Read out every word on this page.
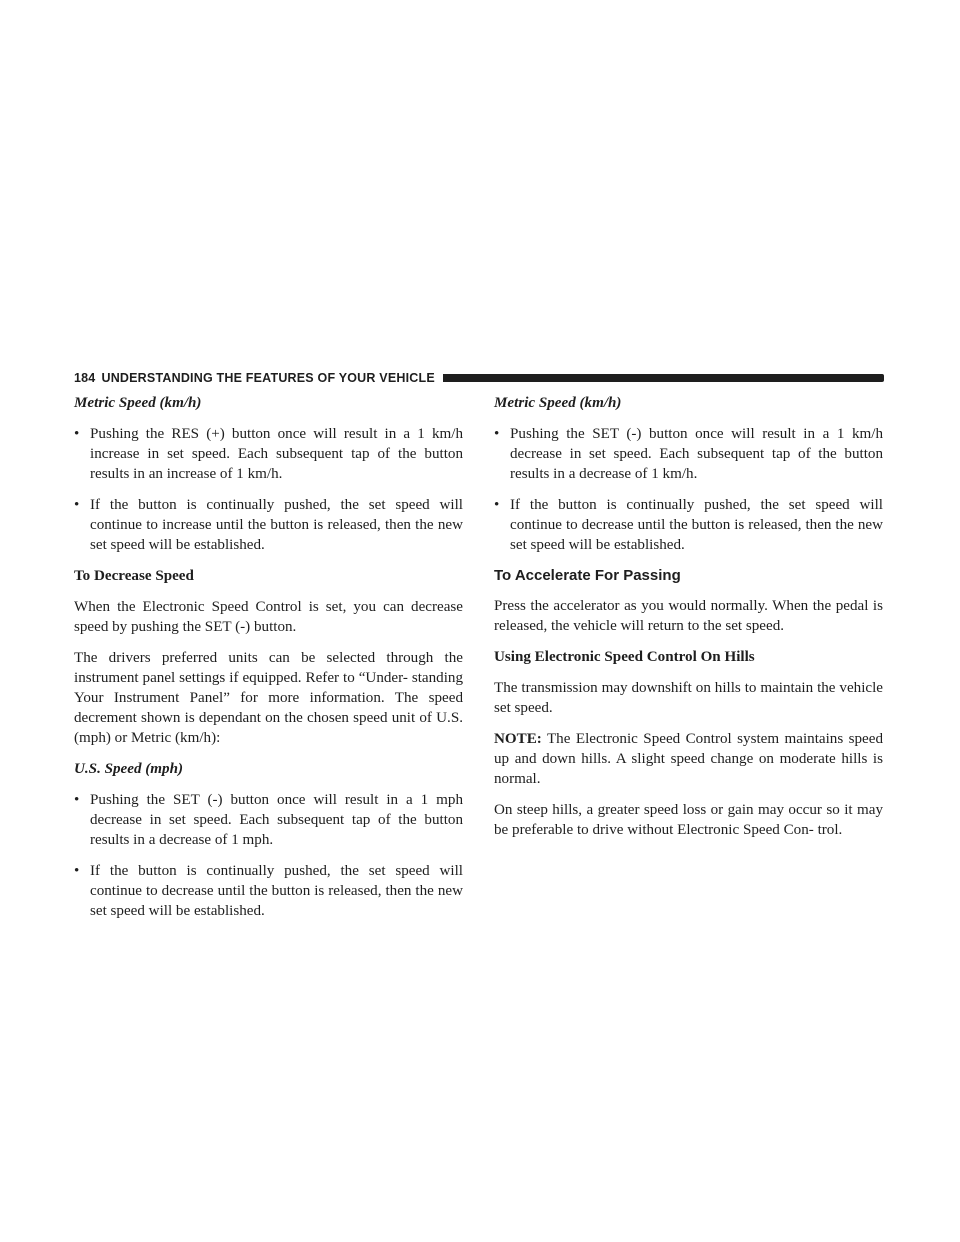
184 UNDERSTANDING THE FEATURES OF YOUR VEHICLE
Metric Speed (km/h)
• Pushing the RES (+) button once will result in a 1 km/h increase in set speed. Each subsequent tap of the button results in an increase of 1 km/h.
• If the button is continually pushed, the set speed will continue to increase until the button is released, then the new set speed will be established.
To Decrease Speed

When the Electronic Speed Control is set, you can decrease speed by pushing the SET (-) button.

The drivers preferred units can be selected through the instrument panel settings if equipped. Refer to “Under- standing Your Instrument Panel” for more information. The speed decrement shown is dependant on the chosen speed unit of U.S. (mph) or Metric (km/h):

U.S. Speed (mph)
• Pushing the SET (-) button once will result in a 1 mph decrease in set speed. Each subsequent tap of the button results in a decrease of 1 mph.
• If the button is continually pushed, the set speed will continue to decrease until the button is released, then the new set speed will be established.
Metric Speed (km/h)
• Pushing the SET (-) button once will result in a 1 km/h decrease in set speed. Each subsequent tap of the button results in a decrease of 1 km/h.
• If the button is continually pushed, the set speed will continue to decrease until the button is released, then the new set speed will be established.
To Accelerate For Passing

Press the accelerator as you would normally. When the pedal is released, the vehicle will return to the set speed.

Using Electronic Speed Control On Hills

The transmission may downshift on hills to maintain the vehicle set speed.

NOTE: The Electronic Speed Control system maintains speed up and down hills. A slight speed change on moderate hills is normal.

On steep hills, a greater speed loss or gain may occur so it may be preferable to drive without Electronic Speed Con- trol.
